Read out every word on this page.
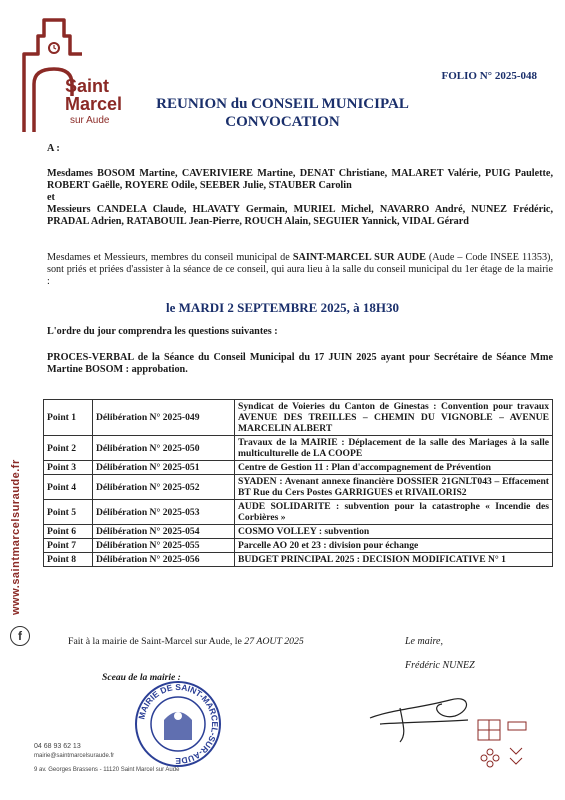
Saint
Marcel
sur Aude
FOLIO N° 2025-048
REUNION du CONSEIL MUNICIPAL
CONVOCATION
A :
Mesdames BOSOM Martine, CAVERIVIERE Martine, DENAT Christiane, MALARET Valérie, PUIG Paulette, ROBERT Gaëlle, ROYERE Odile, SEEBER Julie, STAUBER Carolin
et
Messieurs CANDELA Claude, HLAVATY Germain, MURIEL Michel, NAVARRO André, NUNEZ Frédéric, PRADAL Adrien, RATABOUIL Jean-Pierre, ROUCH Alain, SEGUIER Yannick, VIDAL Gérard
Mesdames et Messieurs, membres du conseil municipal de SAINT-MARCEL SUR AUDE (Aude – Code INSEE 11353), sont priés et priées d'assister à la séance de ce conseil, qui aura lieu à la salle du conseil municipal du 1er étage de la mairie :
le MARDI 2 SEPTEMBRE 2025, à 18H30
L'ordre du jour comprendra les questions suivantes :
PROCES-VERBAL de la Séance du Conseil Municipal du 17 JUIN 2025 ayant pour Secrétaire de Séance Mme Martine BOSOM : approbation.
Point 1	Délibération N° 2025-049	Syndicat de Voieries du Canton de Ginestas : Convention pour travaux AVENUE DES TREILLES – CHEMIN DU VIGNOBLE – AVENUE MARCELIN ALBERT
Point 2	Délibération N° 2025-050	Travaux de la MAIRIE : Déplacement de la salle des Mariages à la salle multiculturelle de LA COOPE
Point 3	Délibération N° 2025-051	Centre de Gestion 11 : Plan d'accompagnement de Prévention
Point 4	Délibération N° 2025-052	SYADEN : Avenant annexe financière DOSSIER 21GNLT043 – Effacement BT Rue du Cers Postes GARRIGUES et RIVAILORIS2
Point 5	Délibération N° 2025-053	AUDE SOLIDARITE : subvention pour la catastrophe « Incendie des Corbières »
Point 6	Délibération N° 2025-054	COSMO VOLLEY : subvention
Point 7	Délibération N° 2025-055	Parcelle AO 20 et 23 : division pour échange
Point 8	Délibération N° 2025-056	BUDGET PRINCIPAL 2025 : DECISION MODIFICATIVE N° 1
Fait à la mairie de Saint-Marcel sur Aude, le 27 AOUT 2025	Le maire,
Frédéric NUNEZ
Sceau de la mairie :
MAIRIE DE SAINT-MARCEL-SUR-AUDE
www.saintmarcelsuraude.fr
f
04 68 93 62 13
mairie@saintmarcelsuraude.fr
9 av. Georges Brassens - 11120 Saint Marcel sur Aude
